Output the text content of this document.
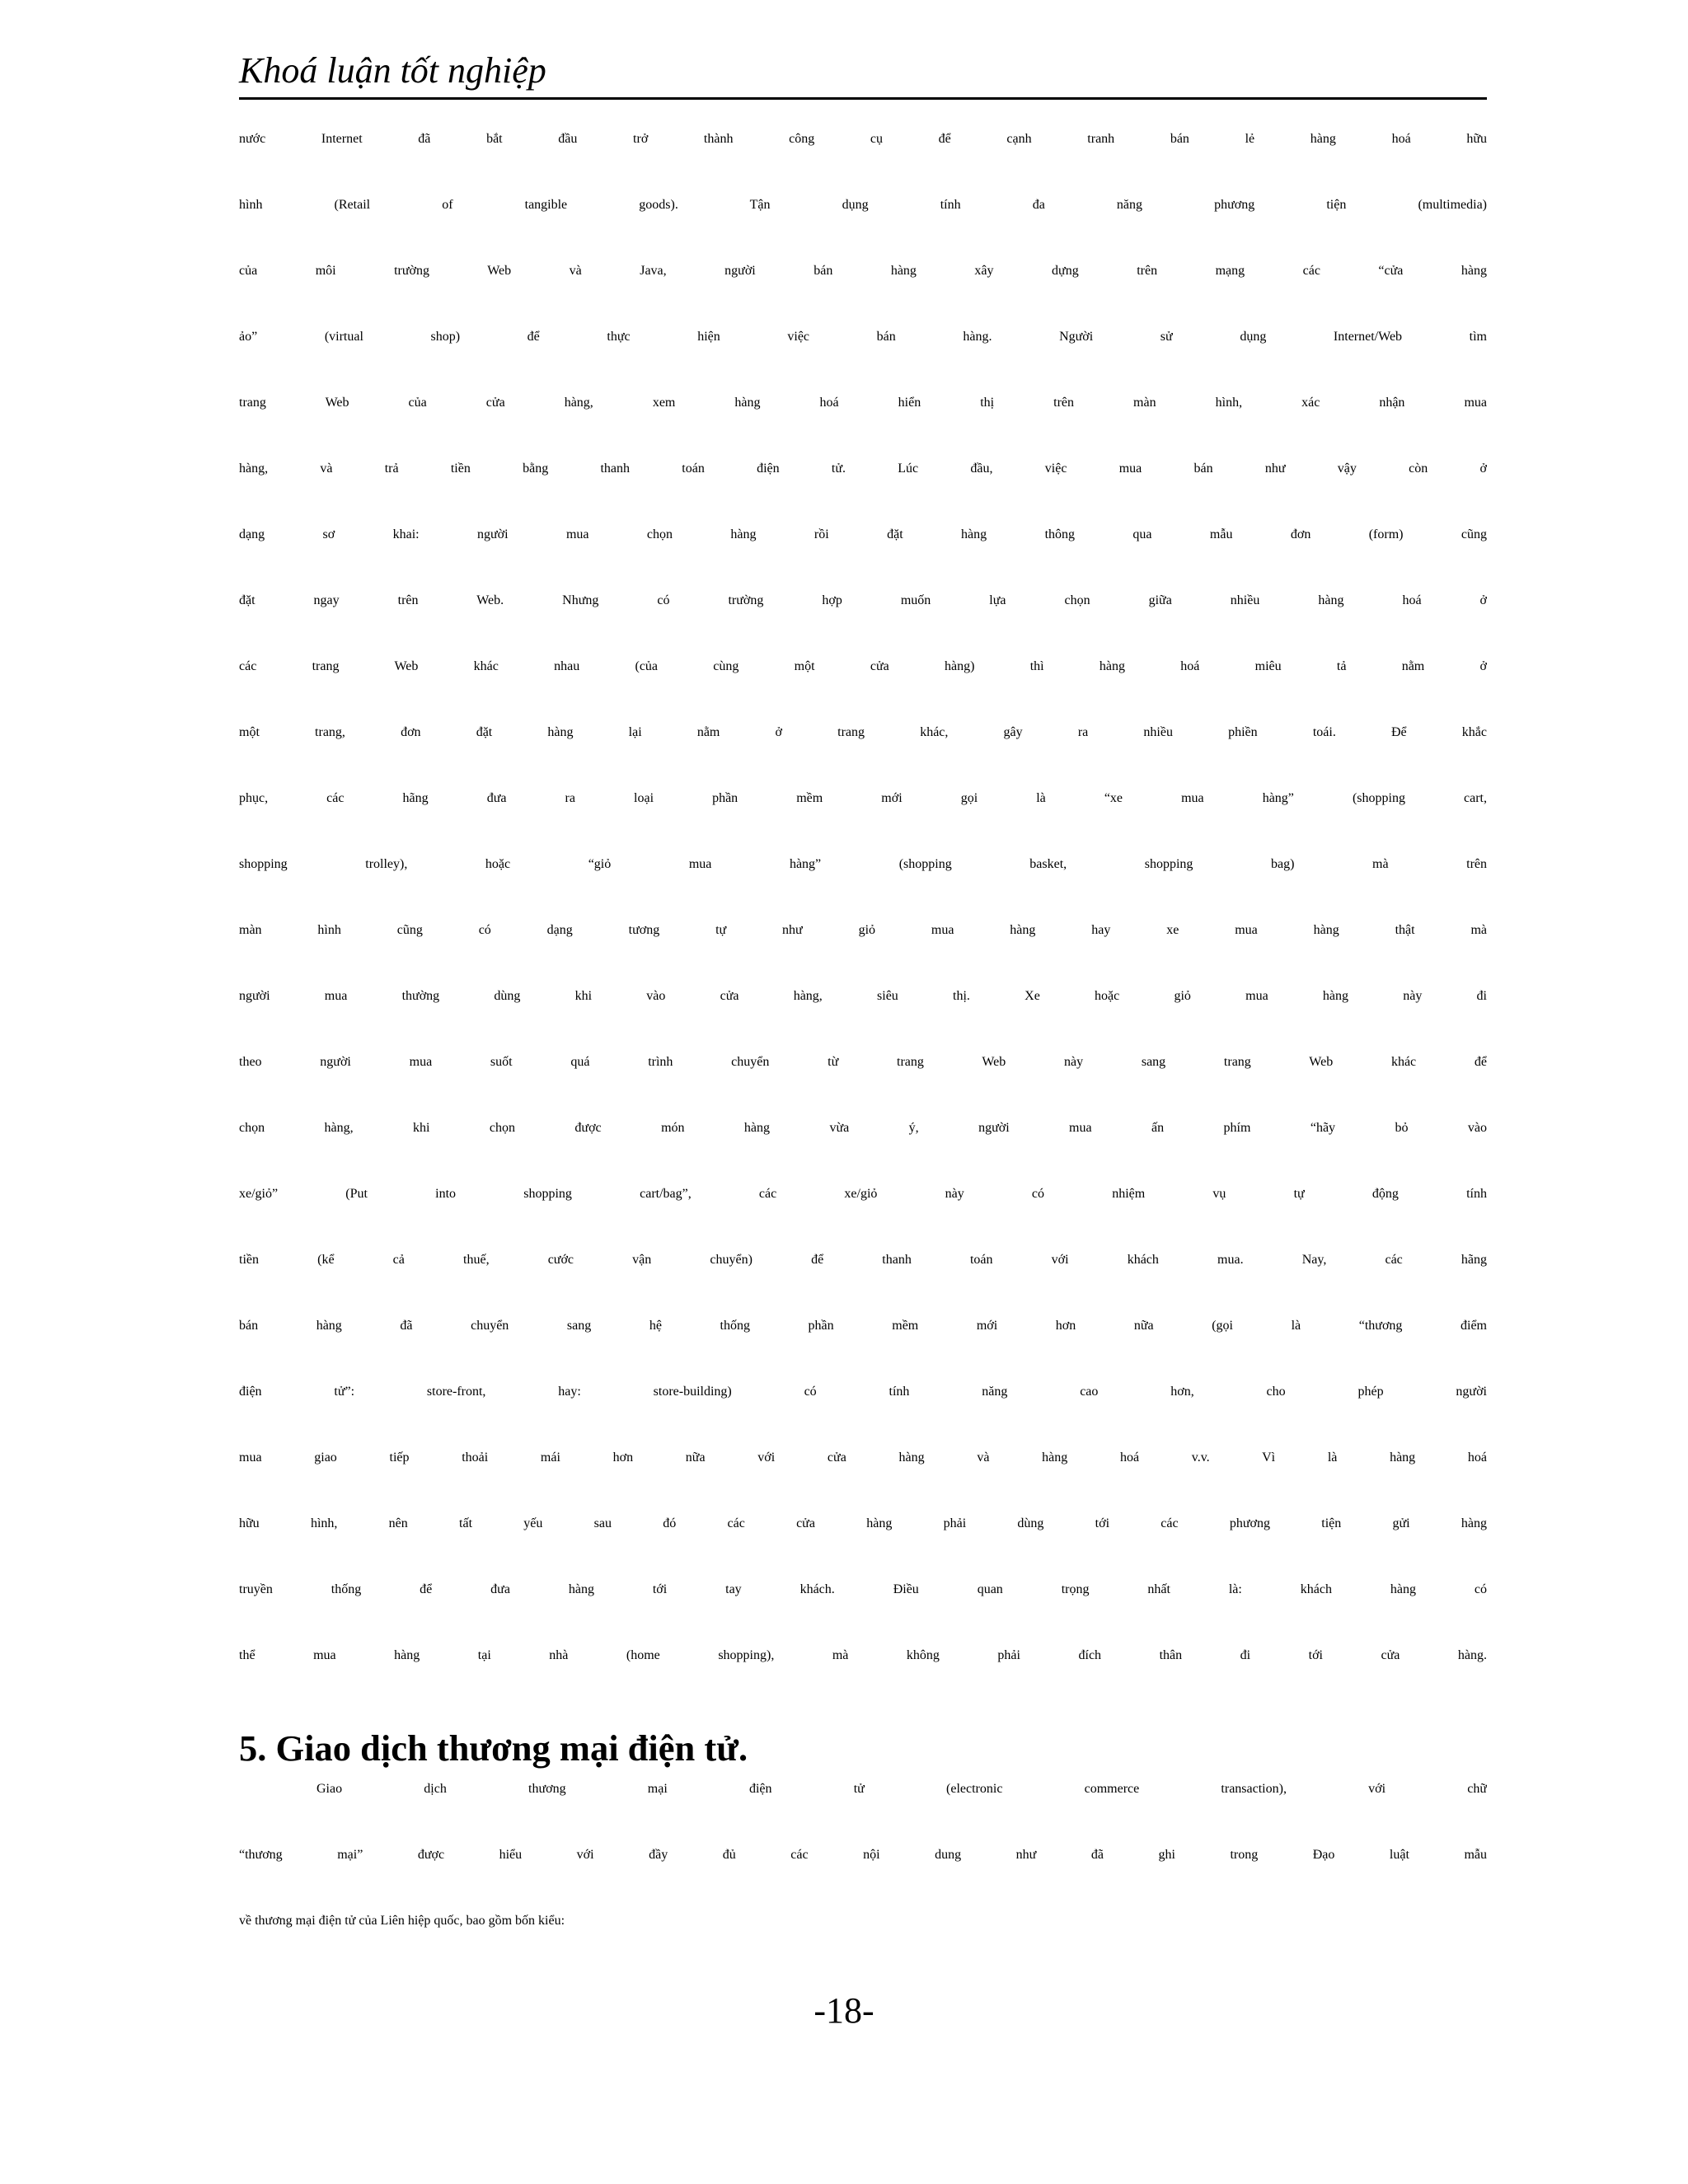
Khoá luận tốt nghiệp
nước Internet đã bắt đầu trở thành công cụ để cạnh tranh bán lẻ hàng hoá hữu
hình (Retail of tangible goods). Tận dụng tính đa năng phương tiện (multimedia)
của môi trường Web và Java, người bán hàng xây dựng trên mạng các “cửa hàng
ảo” (virtual shop) để thực hiện việc bán hàng. Người sử dụng Internet/Web tìm
trang Web của cửa hàng, xem hàng hoá hiển thị trên màn hình, xác nhận mua
hàng, và trả tiền bằng thanh toán điện tử. Lúc đầu, việc mua bán như vậy còn ở
dạng sơ khai: người mua chọn hàng rồi đặt hàng thông qua mẫu đơn (form) cũng
đặt ngay trên Web. Nhưng có trường hợp muốn lựa chọn giữa nhiều hàng hoá ở
các trang Web khác nhau (của cùng một cửa hàng) thì hàng hoá miêu tả nằm ở
một trang, đơn đặt hàng lại nằm ở trang khác, gây ra nhiều phiền toái. Để khắc
phục, các hãng đưa ra loại phần mềm mới gọi là “xe mua hàng” (shopping cart,
shopping trolley), hoặc “giỏ mua hàng” (shopping basket, shopping bag) mà trên
màn hình cũng có dạng tương tự như giỏ mua hàng hay xe mua hàng thật mà
người mua thường dùng khi vào cửa hàng, siêu thị. Xe hoặc giỏ mua hàng này đi
theo người mua suốt quá trình chuyển từ trang Web này sang trang Web khác để
chọn hàng, khi chọn được món hàng vừa ý, người mua ấn phím “hãy bỏ vào
xe/giỏ” (Put into shopping cart/bag”, các xe/giỏ này có nhiệm vụ tự động tính
tiền (kể cả thuế, cước vận chuyển) để thanh toán với khách mua. Nay, các hãng
bán hàng đã chuyển sang hệ thống phần mềm mới hơn nữa (gọi là “thương điểm
điện tử”: store-front, hay: store-building) có tính năng cao hơn, cho phép người
mua giao tiếp thoải mái hơn nữa với cửa hàng và hàng hoá v.v. Vì là hàng hoá
hữu hình, nên tất yếu sau đó các cửa hàng phải dùng tới các phương tiện gửi hàng
truyền thống để đưa hàng tới tay khách. Điều quan trọng nhất là: khách hàng có
thể mua hàng tại nhà (home shopping), mà không phải đích thân đi tới cửa hàng.
5. Giao dịch thương mại điện tử.
Giao dịch thương mại điện tử (electronic commerce transaction), với chữ
“thương mại” được hiểu với đầy đủ các nội dung như đã ghi trong Đạo luật mẫu
về thương mại điện tử của Liên hiệp quốc, bao gồm bốn kiểu:
-18-
